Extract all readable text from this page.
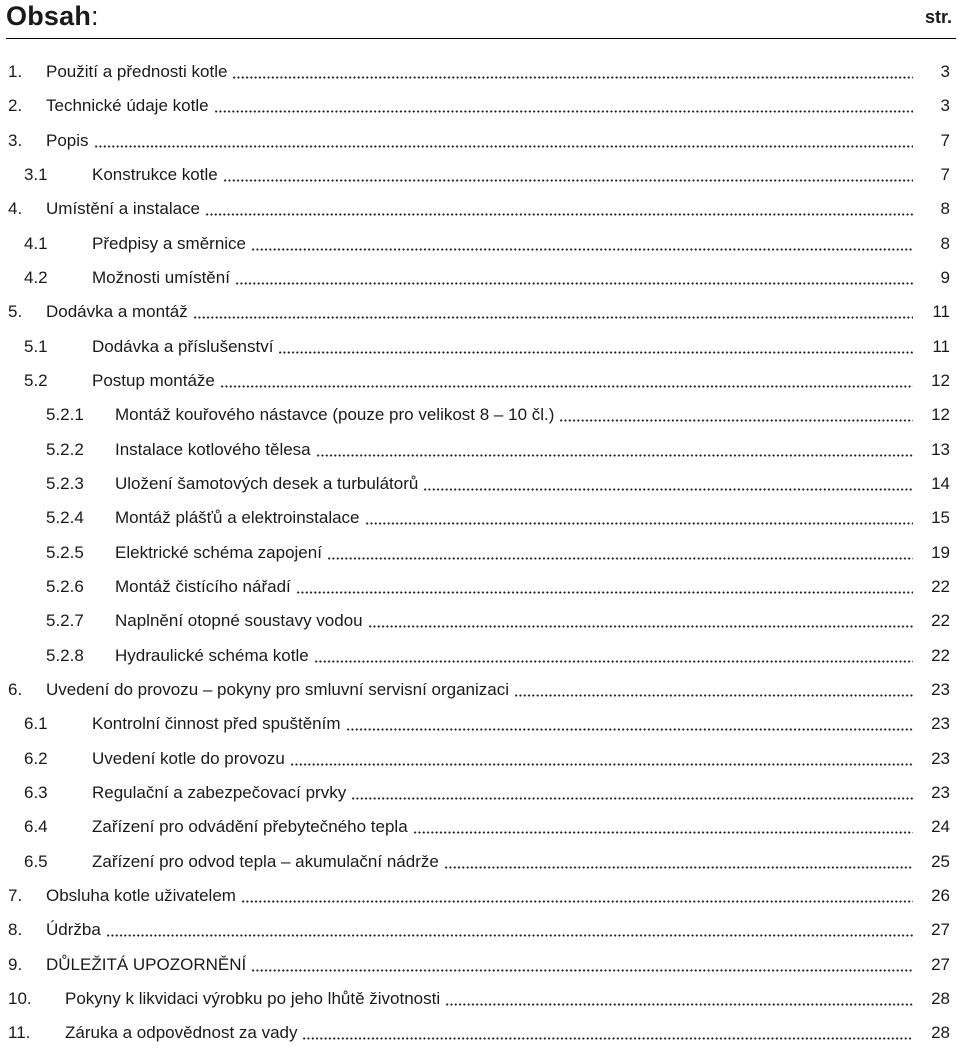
Obsah:	str.
1. Použití a přednosti kotle	3
2. Technické údaje kotle	3
3. Popis	7
3.1	Konstrukce kotle	7
4. Umístění a instalace	8
4.1	Předpisy a směrnice	8
4.2	Možnosti umístění	9
5. Dodávka a montáž	11
5.1	Dodávka a příslušenství	11
5.2	Postup montáže	12
5.2.1 Montáž kouřového nástavce (pouze pro velikost 8 – 10 čl.)	12
5.2.2 Instalace kotlového tělesa	13
5.2.3 Uložení šamotových desek a turbulátorů	14
5.2.4 Montáž plášťů a elektroinstalace	15
5.2.5 Elektrické schéma zapojení	19
5.2.6 Montáž čistícího nářadí	22
5.2.7 Naplnění otopné soustavy vodou	22
5.2.8 Hydraulické schéma kotle	22
6. Uvedení do provozu – pokyny pro smluvní servisní organizaci	23
6.1	Kontrolní činnost před spuštěním	23
6.2	Uvedení kotle do provozu	23
6.3	Regulační a zabezpečovací prvky	23
6.4	Zařízení pro odvádění přebytečného tepla	24
6.5	Zařízení pro odvod tepla – akumulační nádrže	25
7. Obsluha kotle uživatelem	26
8. Údržba	27
9. DŮLEŽITÁ UPOZORNĚNÍ	27
10. Pokyny k likvidaci výrobku po jeho lhůtě životnosti	28
11. Záruka a odpovědnost za vady	28
